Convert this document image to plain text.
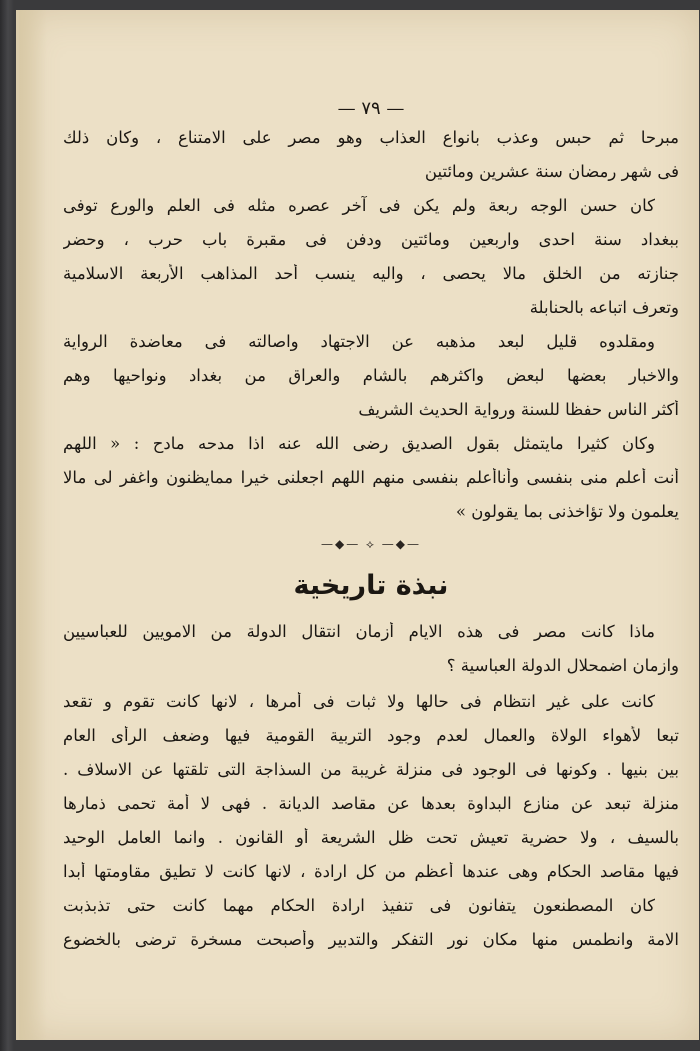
— ٧٩ —
—◆— ⟡ —◆—
نبذة تاريخية
مبرحا ثم حبس وعذب بانواع العذاب وهو مصر على الامتناع ، وكان ذلك
فى شهر رمضان سنة عشرين ومائتين
كان حسن الوجه ربعة ولم يكن فى آخر عصره مثله فى العلم والورع توفى
ببغداد سنة احدى واربعين ومائتين ودفن فى مقبرة باب حرب ، وحضر
جنازته من الخلق مالا يحصى ، واليه ينسب أحد المذاهب الأربعة الاسلامية
وتعرف اتباعه بالحنابلة
ومقلدوه قليل لبعد مذهبه عن الاجتهاد واصالته فى معاضدة الرواية
والاخبار بعضها لبعض واكثرهم بالشام والعراق من بغداد ونواحيها وهم
أكثر الناس حفظا للسنة ورواية الحديث الشريف
وكان كثيرا مايتمثل بقول الصديق رضى الله عنه اذا مدحه مادح : « اللهم
أنت أعلم منى بنفسى وأناأعلم بنفسى منهم اللهم اجعلنى خيرا ممايظنون واغفر لى مالا
يعلمون ولا تؤاخذنى بما يقولون »
ماذا كانت مصر فى هذه الايام أزمان انتقال الدولة من الامويين للعباسيين
وازمان اضمحلال الدولة العباسية ؟
كانت على غير انتظام فى حالها ولا ثبات فى أمرها ، لانها كانت تقوم و تقعد
تبعا لأهواء الولاة والعمال لعدم وجود التربية القومية فيها وضعف الرأى العام
بين بنيها . وكونها فى الوجود فى منزلة غريبة من السذاجة التى تلقتها عن الاسلاف .
منزلة تبعد عن منازع البداوة بعدها عن مقاصد الديانة . فهى لا أمة تحمى ذمارها
بالسيف ، ولا حضرية تعيش تحت ظل الشريعة أو القانون . وانما العامل الوحيد
فيها مقاصد الحكام وهى عندها أعظم من كل ارادة ، لانها كانت لا تطيق مقاومتها أبدا
كان المصطنعون يتفانون فى تنفيذ ارادة الحكام مهما كانت حتى تذبذبت
الامة وانطمس منها مكان نور التفكر والتدبير وأصبحت مسخرة ترضى بالخضوع
